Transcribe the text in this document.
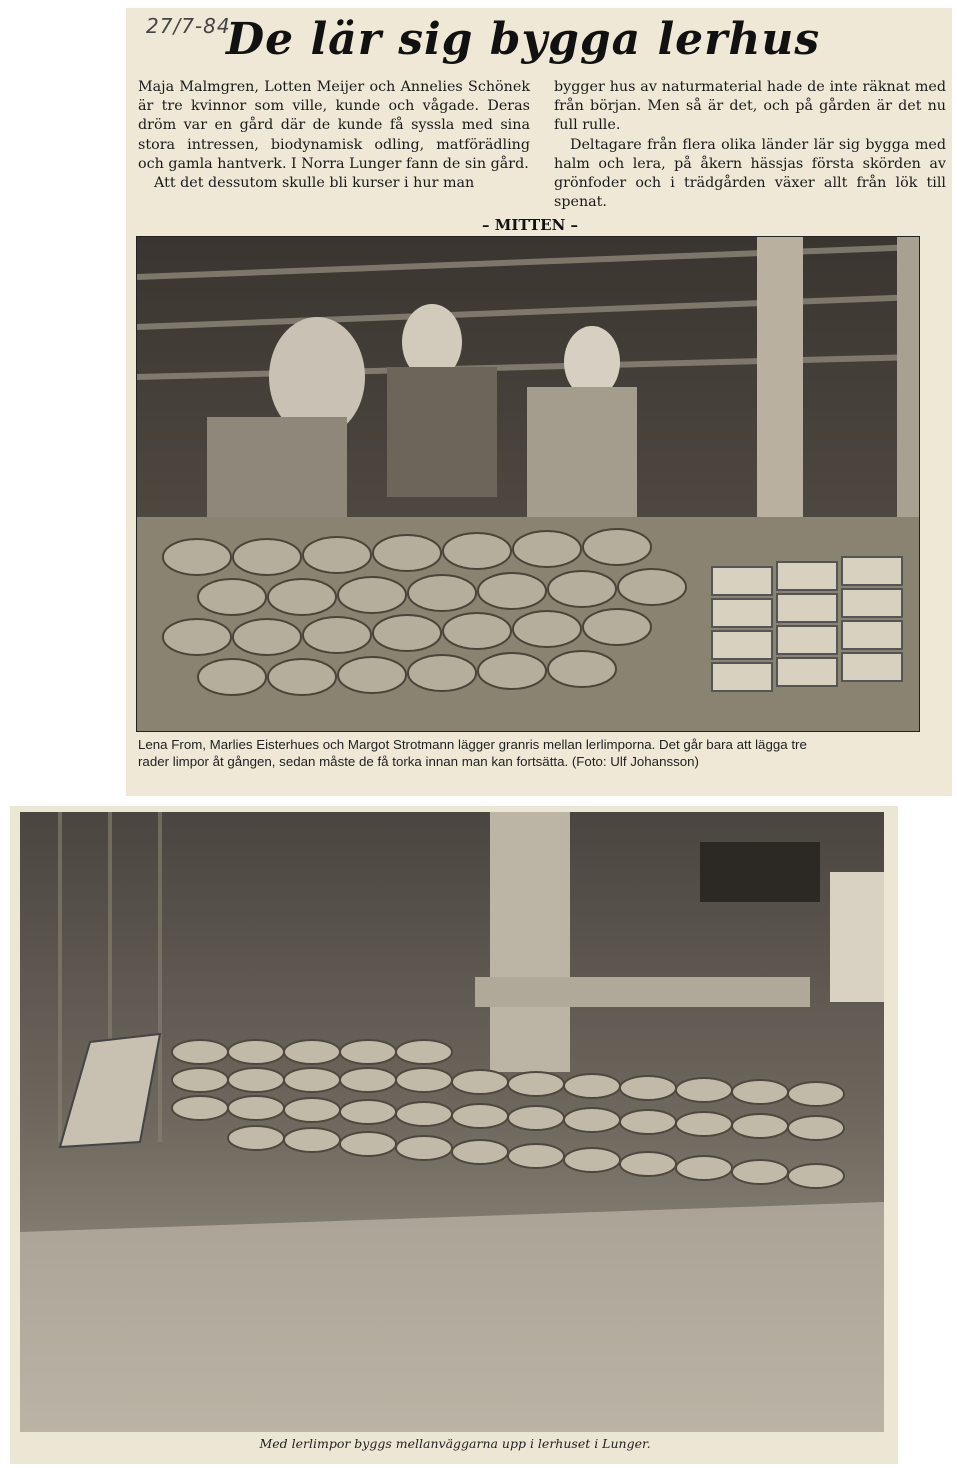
27/7-84
De lär sig bygga lerhus

Maja Malmgren, Lotten Meijer och Annelies Schönek är tre kvinnor som ville, kunde och vågade. Deras dröm var en gård där de kunde få syssla med sina stora intressen, biodynamisk odling, matförädling och gamla hantverk. I Norra Lunger fann de sin gård.

Att det dessutom skulle bli kurser i hur man

bygger hus av naturmaterial hade de inte räknat med från början. Men så är det, och på gården är det nu full rulle.

Deltagare från flera olika länder lär sig bygga med halm och lera, på åkern hässjas första skörden av grönfoder och i trädgården växer allt från lök till spenat.

– MITTEN –
Lena From, Marlies Eisterhues och Margot Strotmann lägger granris mellan lerlimporna. Det går bara att lägga tre rader limpor åt gången, sedan måste de få torka innan man kan fortsätta. (Foto: Ulf Johansson)
Med lerlimpor byggs mellanväggarna upp i lerhuset i Lunger.
